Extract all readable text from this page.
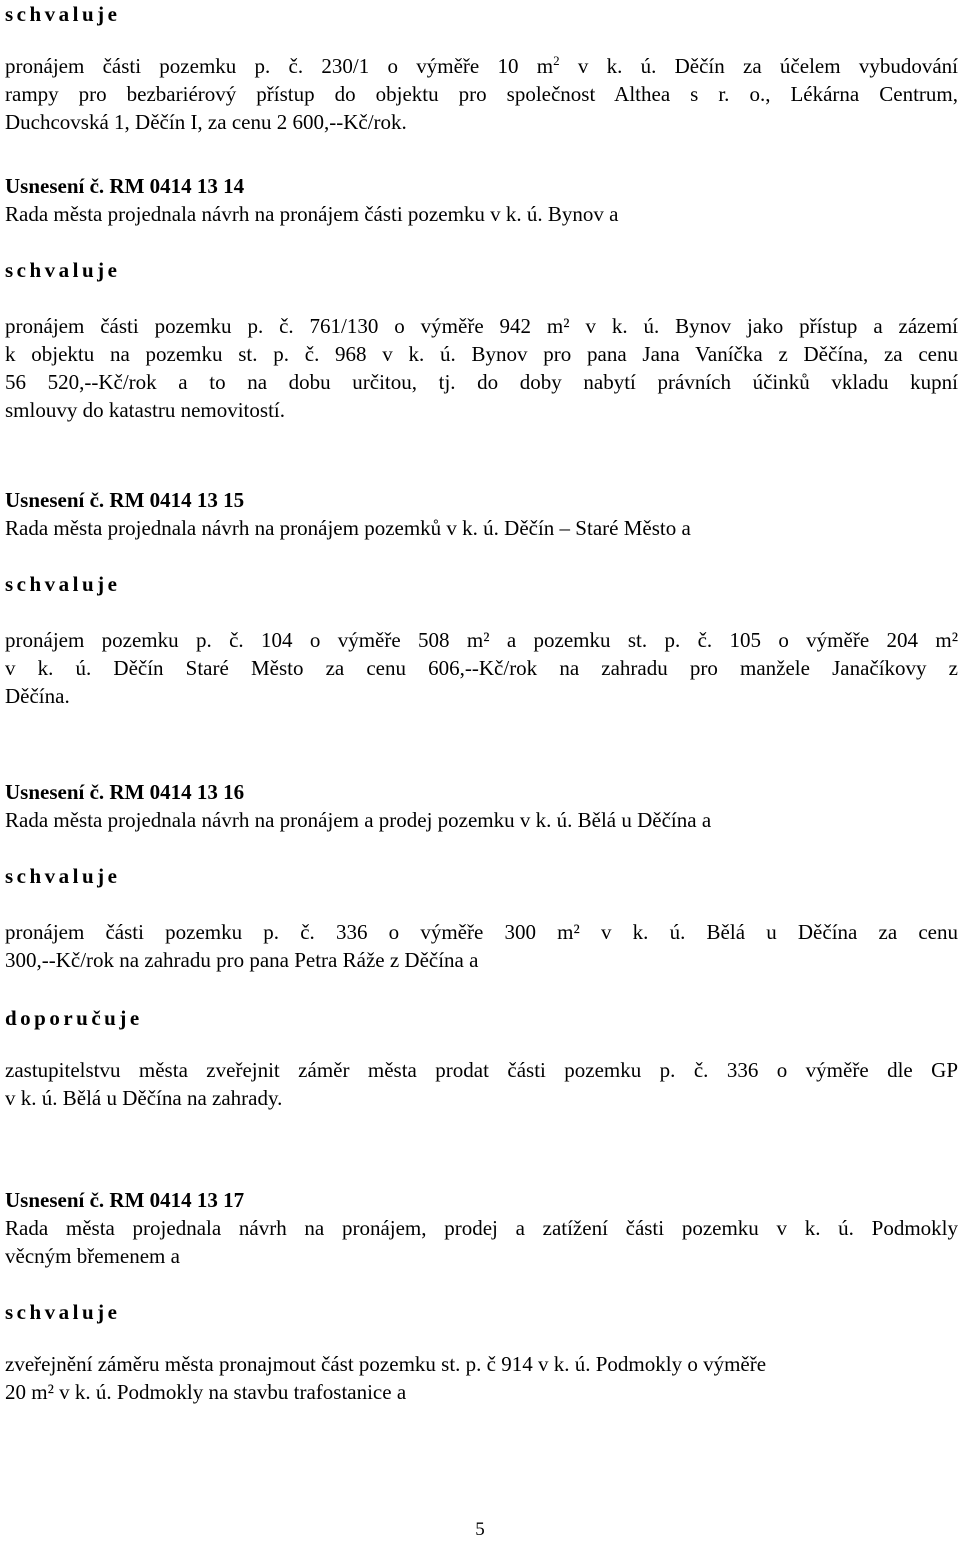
schvaluje
pronájem části pozemku p. č. 230/1 o výměře 10 $m^2$ v k. ú. Děčín za účelem vybudování
rampy pro bezbariérový přístup do objektu pro společnost Althea s r. o., Lékárna Centrum,
Duchcovská 1, Děčín I, za cenu 2 600,--Kč/rok.
Usnesení č. RM 0414 13 14
Rada města projednala návrh na pronájem části pozemku v k. ú. Bynov a
schvaluje
pronájem části pozemku p. č. 761/130 o výměře 942 m² v k. ú. Bynov jako přístup a zázemí
k objektu na pozemku st. p. č. 968 v k. ú. Bynov pro pana Jana Vaníčka z Děčína, za cenu
56 520,--Kč/rok a to na dobu určitou, tj. do doby nabytí právních účinků vkladu kupní
smlouvy do katastru nemovitostí.
Usnesení č. RM 0414 13 15
Rada města projednala návrh na pronájem pozemků v k. ú. Děčín – Staré Město a
schvaluje
pronájem pozemku p. č. 104 o výměře 508 m² a pozemku st. p. č. 105 o výměře 204 m²
v k. ú. Děčín Staré Město za cenu 606,--Kč/rok na zahradu pro manžele Janačíkovy z
Děčína.
Usnesení č. RM 0414 13 16
Rada města projednala návrh na pronájem a prodej pozemku v k. ú. Bělá u Děčína a
schvaluje
pronájem části pozemku p. č. 336 o výměře 300 m² v k. ú. Bělá u Děčína za cenu
300,--Kč/rok na zahradu pro pana Petra Ráže z Děčína a
doporučuje
zastupitelstvu města zveřejnit záměr města prodat části pozemku p. č. 336 o výměře dle GP
v k. ú. Bělá u Děčína na zahrady.
Usnesení č. RM 0414 13 17
Rada města projednala návrh na pronájem, prodej a zatížení části pozemku v k. ú. Podmokly
věcným břemenem a
schvaluje
zveřejnění záměru města pronajmout část pozemku st. p. č 914 v k. ú. Podmokly o výměře
20 m² v k. ú. Podmokly na stavbu trafostanice a
5
